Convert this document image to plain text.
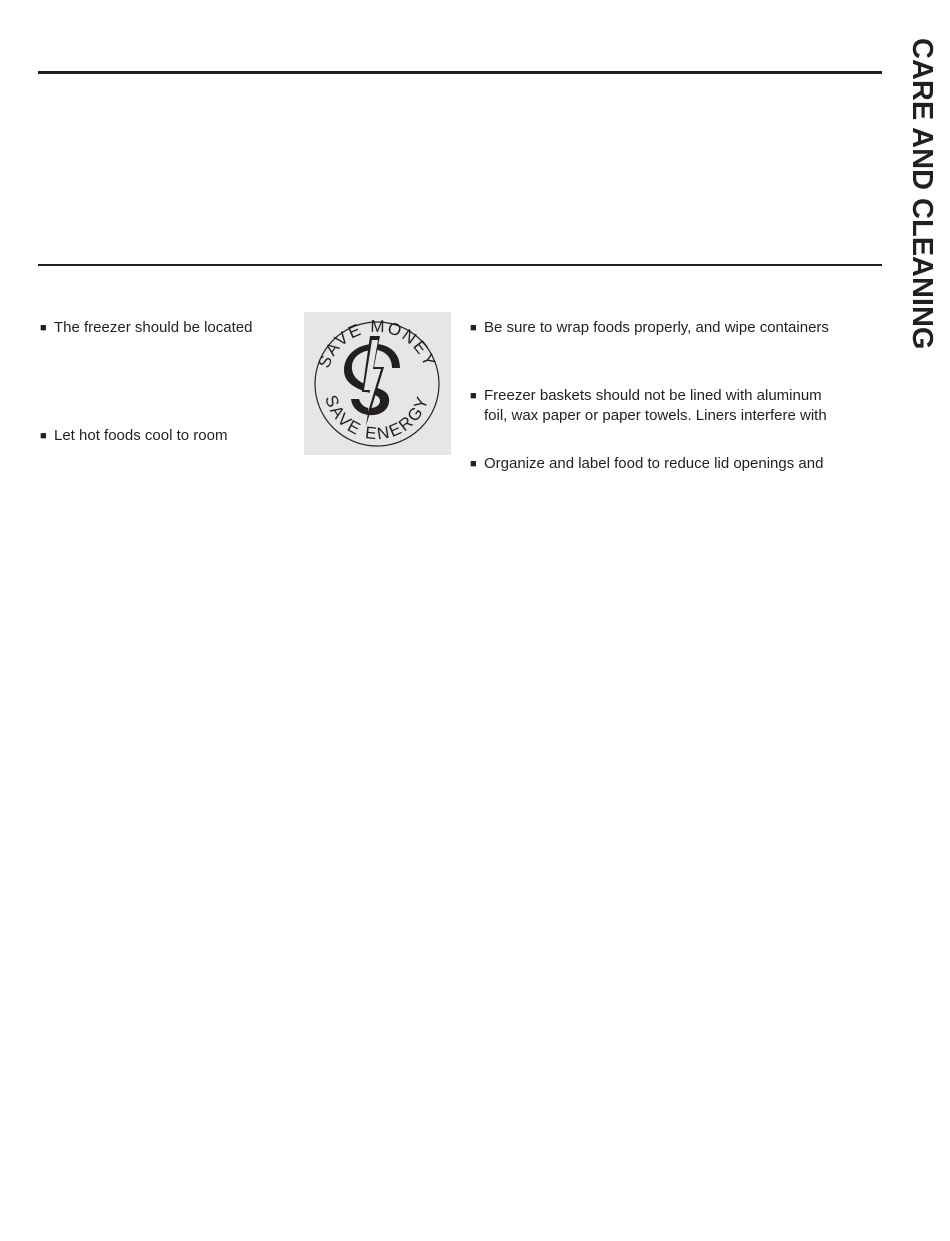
CARE AND CLEANING
■ The freezer should be located
■ Let hot foods cool to room
SAVE MONEY
SAVE ENERGY
■ Be sure to wrap foods properly, and wipe containers
■ Freezer baskets should not be lined with aluminum
foil, wax paper or paper towels. Liners interfere with
■ Organize and label food to reduce lid openings and
